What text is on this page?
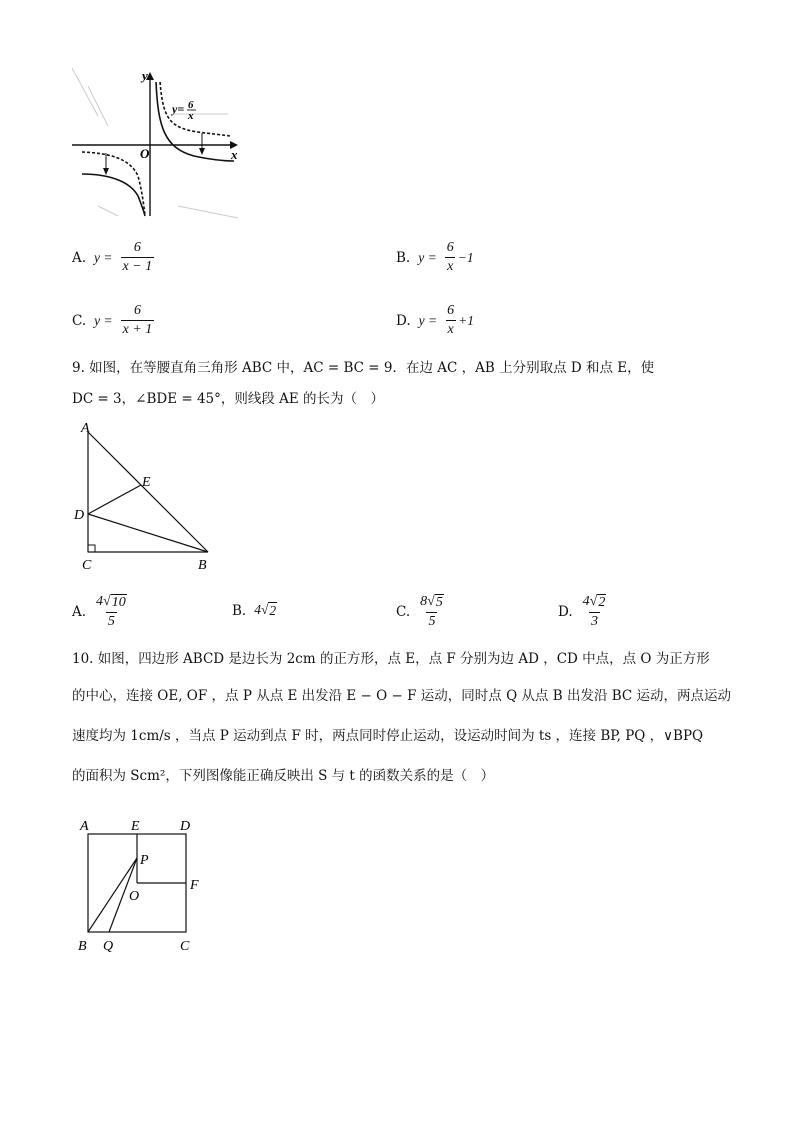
y
x
O
y= 6
x
A. $y = \frac{6}{x - 1}$	B. $y = \frac{6}{x} -1$
C. $y = \frac{6}{x + 1}$	D. $y = \frac{6}{x} +1$
9. 如图，在等腰直角三角形 ABC 中，AC = BC = 9．在边 AC ，AB 上分别取点 D 和点 E，使
DC = 3，∠BDE = 45°，则线段 AE 的长为（　）
A
E
D
C	B
A. $\frac{4√ 10}{5}$	B. 4√ 2	C. $\frac{8√ 5}{5}$	D. $\frac{4√ 2}{3}$
10. 如图，四边形 ABCD 是边长为 2cm 的正方形，点 E，点 F 分别为边 AD ，CD 中点，点 O 为正方形
的中心，连接 OE, OF ，点 P 从点 E 出发沿 E − O − F 运动，同时点 Q 从点 B 出发沿 BC 运动，两点运动
速度均为 1cm/s ，当点 P 运动到点 F 时，两点同时停止运动，设运动时间为 ts ，连接 BP, PQ ，∨BPQ
的面积为 Scm²，下列图像能正确反映出 S 与 t 的函数关系的是（　）
A	E	D
P
O
F
B Q	C
